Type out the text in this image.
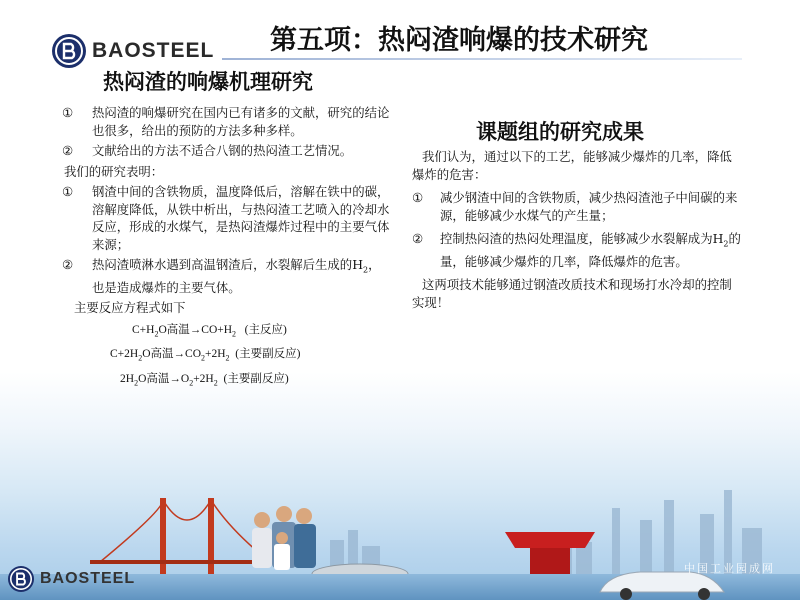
BAOSTEEL 第五项：热闷渣响爆的技术研究
热闷渣的响爆机理研究
①	热闷渣的响爆研究在国内已有诸多的文献，研究的结论也很多，给出的预防的方法多种多样。
②	文献给出的方法不适合八钢的热闷渣工艺情况。
我们的研究表明：
①	钢渣中间的含铁物质，温度降低后，溶解在铁中的碳，溶解度降低，从铁中析出，与热闷渣工艺喷入的冷却水反应，形成的水煤气，是热闷渣爆炸过程中的主要气体来源；
②	热闷渣喷淋水遇到高温钢渣后，水裂解后生成的$H_2$，也是造成爆炸的主要气体。
主要反应方程式如下
$C+H_2O$高温$\to CO+H_2$   (主反应)
$C+2H_2O$高温$\to CO_2+2H_2$  (主要副反应)
$2H_2O$高温$\to O_2+2H_2$  (主要副反应)
课题组的研究成果
我们认为，通过以下的工艺，能够减少爆炸的几率，降低爆炸的危害：
①	减少钢渣中间的含铁物质，减少热闷渣池子中间碳的来源，能够减少水煤气的产生量；
②	控制热闷渣的热闷处理温度，能够减少水裂解成为$H_2$的量，能够减少爆炸的几率，降低爆炸的危害。
这两项技术能够通过钢渣改质技术和现场打水冷却的控制实现！
BAOSTEEL
中国工业园成网
